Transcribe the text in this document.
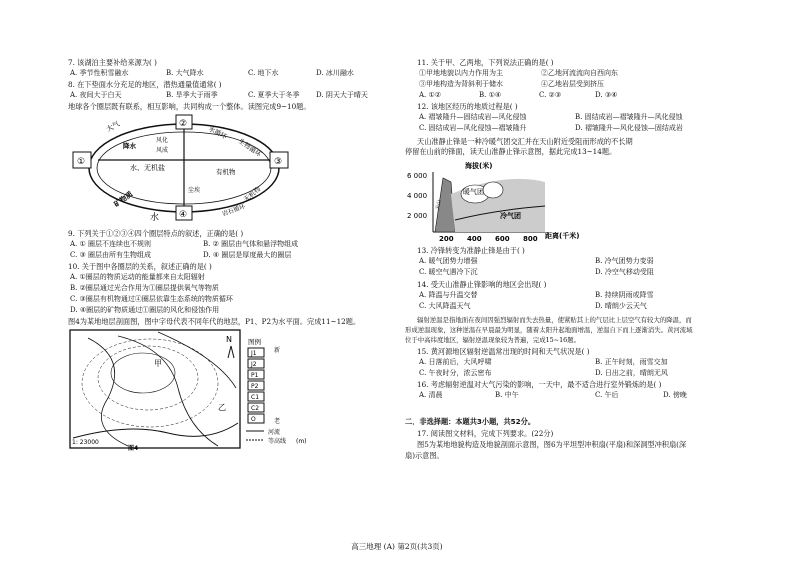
7. 该湖泊主要补给来源为( )
A. 季节性积雪融水	B. 大气降水	C. 地下水	D. 冰川融水
8. 在下垫面水分充足的地区，潜热通量值通常( )
A. 夜间大于白天	B. 旱季大于雨季	C. 夏季大于冬季 D. 阴天大于晴天
地球各个圈层既有联系，相互影响，共同构成一个整体。读图完成9~10题。
①
②
③
④
大气	水循环
降水
风化
风成	生物循环
水、无机盐	有机物
尘埃
矿物质	无机物
水
岩石循环
9. 下列关于①②③④四个圈层特点的叙述，正确的是( )
A. ① 圈层不连续也不规则	B. ② 圈层由气体和悬浮物组成
C. ③ 圈层由所有生物组成	D. ④ 圈层是厚度最大的圈层
10. 关于图中各圈层的关系，叙述正确的是( )
A. ①圈层的物质运动的能量都来自太阳辐射
B. ②圈层通过光合作用为①圈层提供氧气等物质
C. ③圈层有机物通过④圈层依靠生态系统的物质循环
D. ④圈层的矿物质通过①圈层的风化和侵蚀作用
图4为某地地层剖面图，图中字母代表不同年代的地层，P1、P2为水平面。完成11~12题。
甲
乙
N
1: 23000
图例
J1
J2
P1
P2
C1
C2
O
新
老
河流
等高线 (m)
图4
11. 关于甲、乙两地，下列说法正确的是( )
①甲地地貌以内力作用为主	②乙地河流流向自西向东
③甲地构造为背斜利于储水	④乙地岩层受到挤压
A. ①②	B. ①④	C. ②③	D. ③④
12. 该地区经历的地质过程是( )
A. 褶皱隆升—固结成岩—风化侵蚀	B. 固结成岩—褶皱隆升—风化侵蚀
C. 固结成岩—风化侵蚀—褶皱隆升	D. 褶皱隆升—风化侵蚀—固结成岩
天山准静止锋是一种冷暖气团交汇并在天山附近受阻而形成的不长期
停留在山前的锋面，读天山准静止锋示意图，据此完成13~14题。
海拔(米)
6 000
4 000
2 000
暖气团
冷气团
天山
200 400 600 800 距离(千米)
13. 冷锋转变为准静止锋是由于( )
A. 暖气团势力增强	B. 冷气团势力变弱
C. 暖空气遇冷下沉	D. 冷空气移动受阻
14. 受天山准静止锋影响的地区会出现( )
A. 降温与升温交替	B. 持续阴雨或降雪
C. 大风降温天气	D. 晴朗少云天气
辐射逆温是指地面在夜间因强烈辐射而失去热量，使紧贴其上的气层比上层空气有较大的降温，而
形成逆温现象，这种逆温在早晨最为明显，随着太阳升起地面增温，逆温自下而上逐渐消失。黄河流域
位于中高纬度地区，辐射逆温现象较为普遍，完成15~16题。
15. 黄河源地区辐射逆温常出现的时间和天气状况是( )
A. 日落前后，大风呼啸	B. 正午时刻，雨雪交加
C. 午夜时分，浓云密布	D. 日出之前，晴朗无风
16. 考虑辐射逆温对大气污染的影响，一天中，最不适合进行室外锻炼的是( )
A. 清晨	B. 中午	C. 午后	D. 傍晚
二．非选择题：本题共3小题，共52分。
17. 阅读图文材料，完成下列要求。(22分)
图5为某地地貌构造及地貌剖面示意图，图6为平坦型冲积扇(平扇)和深洞型冲积扇(深
扇)示意图。
高三地理 (A) 第2页(共3页)
